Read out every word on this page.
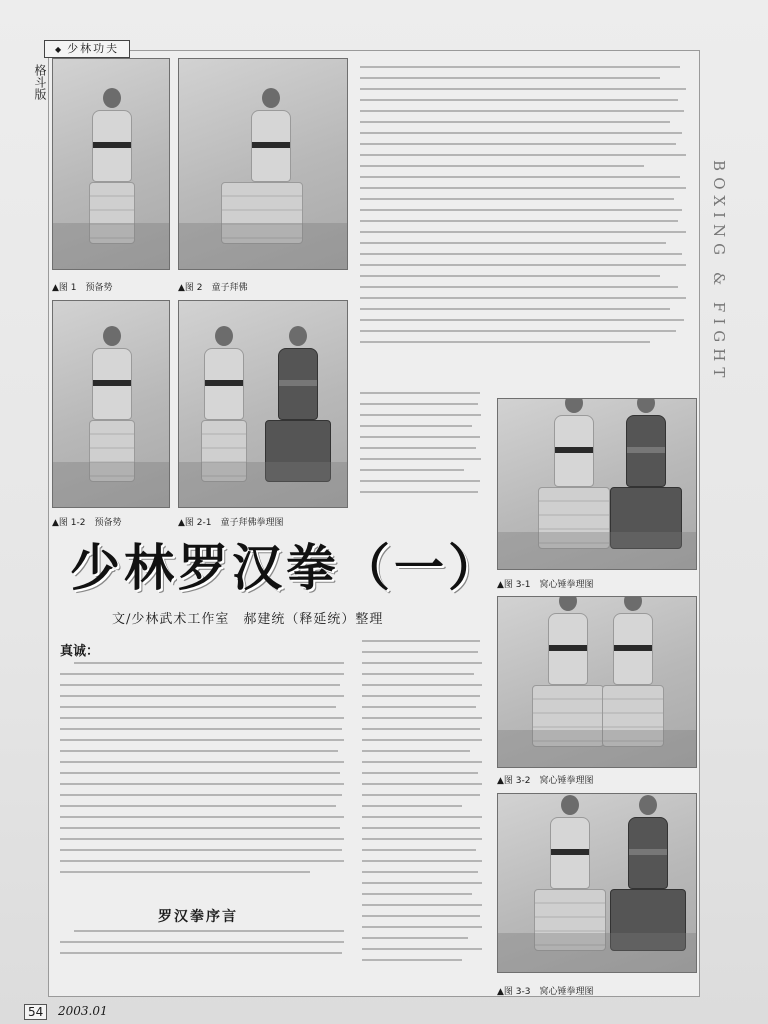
◆ 少林功夫
格斗版
BOXING & FIGHT
▲图 1　预备势	▲图 2　童子拜佛
▲图 1-2　预备势	▲图 2-1　童子拜佛拳理图
▲图 3-1　窝心锤拳理图
▲图 3-2　窝心锤拳理图
▲图 3-3　窝心锤拳理图
少林罗汉拳（一）
文/少林武术工作室　郝建统（释延统）整理
真诚：
罗汉拳序言
54	2003.01
